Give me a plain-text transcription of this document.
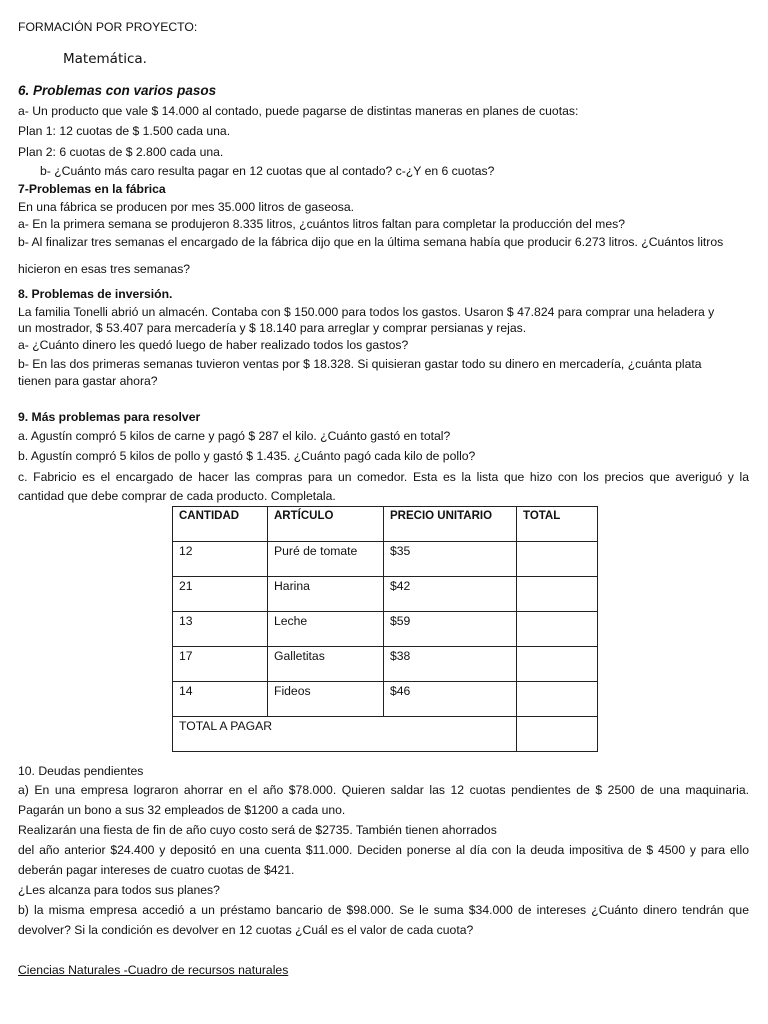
FORMACIÓN POR PROYECTO:
Matemática.
6. Problemas con varios pasos
a- Un producto que vale $ 14.000 al contado, puede pagarse de distintas maneras en planes de cuotas:
Plan 1: 12 cuotas de $ 1.500 cada una.
Plan 2: 6 cuotas de $ 2.800 cada una.
b- ¿Cuánto más caro resulta pagar en 12 cuotas que al contado? c-¿Y en 6 cuotas?
7-Problemas en la fábrica
En una fábrica se producen por mes 35.000 litros de gaseosa.
a- En la primera semana se produjeron 8.335 litros, ¿cuántos litros faltan para completar la producción del mes?
b- Al finalizar tres semanas el encargado de la fábrica dijo que en la última semana había que producir 6.273 litros. ¿Cuántos litros
hicieron en esas tres semanas?
8. Problemas de inversión.
La familia Tonelli abrió un almacén. Contaba con $ 150.000 para todos los gastos. Usaron $ 47.824 para comprar una heladera y
un mostrador, $ 53.407 para mercadería y $ 18.140 para arreglar y comprar persianas y rejas.
a- ¿Cuánto dinero les quedó luego de haber realizado todos los gastos?
b- En las dos primeras semanas tuvieron ventas por $ 18.328. Si quisieran gastar todo su dinero en mercadería, ¿cuánta plata
tienen para gastar ahora?
9. Más problemas para resolver
a. Agustín compró 5 kilos de carne y pagó $ 287 el kilo. ¿Cuánto gastó en total?
b. Agustín compró 5 kilos de pollo y gastó $ 1.435. ¿Cuánto pagó cada kilo de pollo?
c. Fabricio es el encargado de hacer las compras para un comedor. Esta es la lista que hizo con los precios que averiguó y la
cantidad que debe comprar de cada producto. Completala.
CANTIDAD	ARTÍCULO	PRECIO UNITARIO	TOTAL
12	Puré de tomate	$35	
21	Harina	$42	
13	Leche	$59	
17	Galletitas	$38	
14	Fideos	$46	
TOTAL A PAGAR			
10. Deudas pendientes
a) En una empresa lograron ahorrar en el año $78.000. Quieren saldar las 12 cuotas pendientes de $ 2500 de una maquinaria.
Pagarán un bono a sus 32 empleados de $1200 a cada uno.
Realizarán una fiesta de fin de año cuyo costo será de $2735. También tienen ahorrados
del año anterior $24.400 y depositó en una cuenta $11.000. Deciden ponerse al día con la deuda impositiva de $ 4500 y para ello
deberán pagar intereses de cuatro cuotas de $421.
¿Les alcanza para todos sus planes?
b) la misma empresa accedió a un préstamo bancario de $98.000. Se le suma $34.000 de intereses ¿Cuánto dinero tendrán que
devolver? Si la condición es devolver en 12 cuotas ¿Cuál es el valor de cada cuota?
Ciencias Naturales -Cuadro de recursos naturales
